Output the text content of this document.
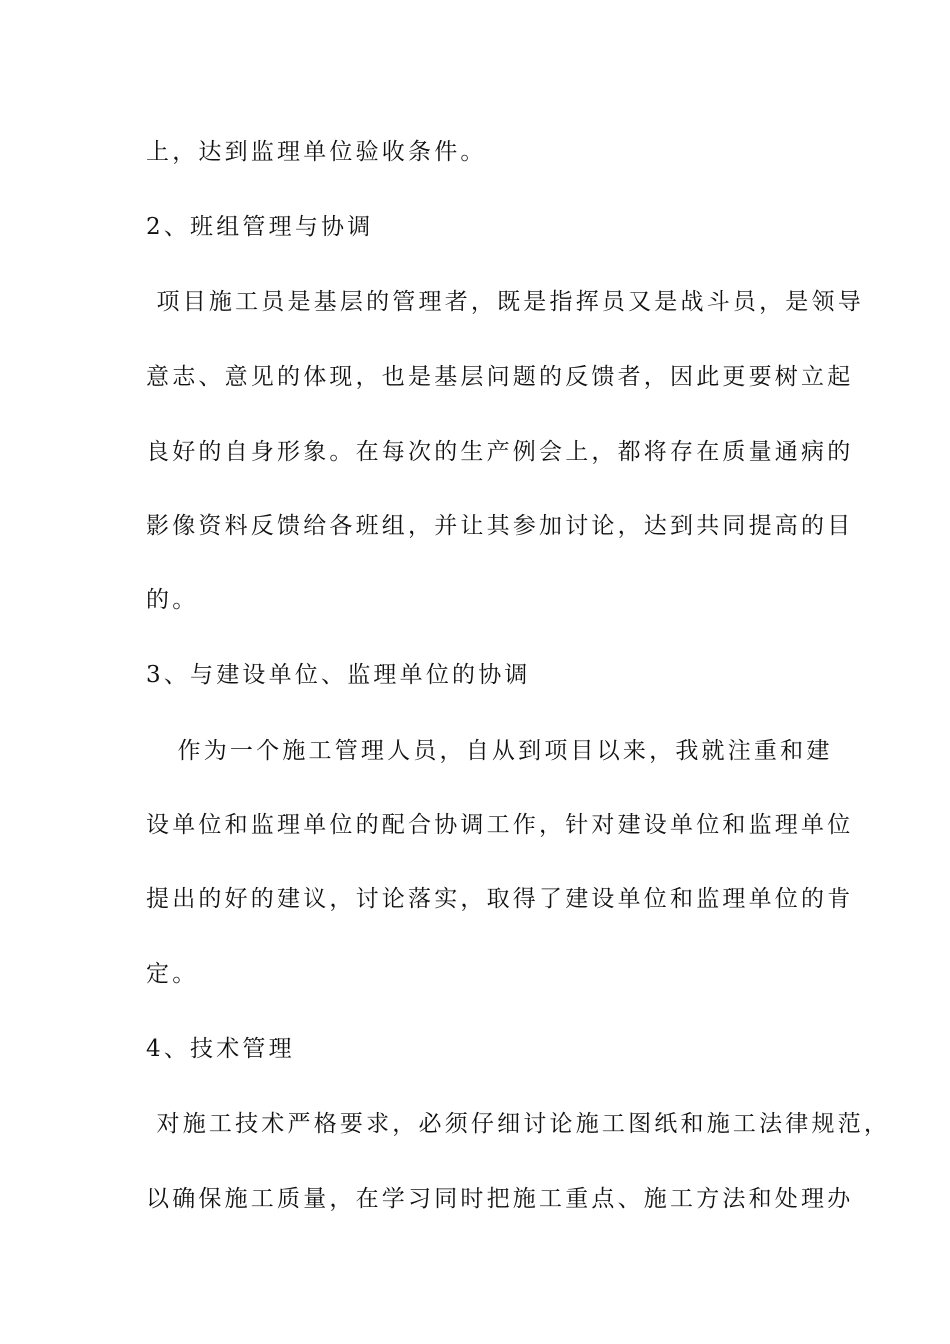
上，达到监理单位验收条件。
2、班组管理与协调
项目施工员是基层的管理者，既是指挥员又是战斗员，是领导
意志、意见的体现，也是基层问题的反馈者，因此更要树立起
良好的自身形象。在每次的生产例会上，都将存在质量通病的
影像资料反馈给各班组，并让其参加讨论，达到共同提高的目
的。
3、与建设单位、监理单位的协调
作为一个施工管理人员，自从到项目以来，我就注重和建
设单位和监理单位的配合协调工作，针对建设单位和监理单位
提出的好的建议，讨论落实，取得了建设单位和监理单位的肯
定。
4、技术管理
对施工技术严格要求，必须仔细讨论施工图纸和施工法律规范，
以确保施工质量，在学习同时把施工重点、施工方法和处理办
